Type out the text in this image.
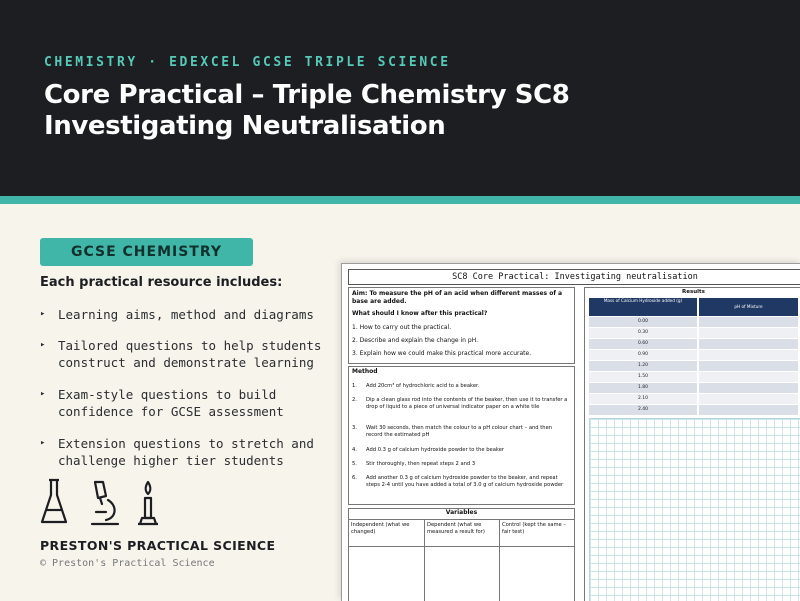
CHEMISTRY · EDEXCEL GCSE TRIPLE SCIENCE
Core Practical – Triple Chemistry SC8
Investigating Neutralisation
GCSE CHEMISTRY
Each practical resource includes:
▸ Learning aims, method and diagrams
▸ Tailored questions to help students construct and demonstrate learning
▸ Exam-style questions to build confidence for GCSE assessment
▸ Extension questions to stretch and challenge higher tier students
PRESTON'S PRACTICAL SCIENCE
© Preston's Practical Science
SC8 Core Practical: Investigating neutralisation
Aim: To measure the pH of an acid when different masses of a base are added.
What should I know after this practical?
1. How to carry out the practical.
2. Describe and explain the change in pH.
3. Explain how we could make this practical more accurate.
Method
1. Add 20cm³ of hydrochloric acid to a beaker.
2. Dip a clean glass rod into the contents of the beaker, then use it to transfer a drop of liquid to a piece of universal indicator paper on a white tile
3. Wait 30 seconds, then match the colour to a pH colour chart – and then record the estimated pH
4. Add 0.3 g of calcium hydroxide powder to the beaker
5. Stir thoroughly, then repeat steps 2 and 3
6. Add another 0.3 g of calcium hydroxide powder to the beaker, and repeat steps 2-4 until you have added a total of 3.0 g of calcium hydroxide powder
Variables
Independent (what we changed)
Dependent (what we measured a result for)
Control (kept the same – fair test)
Results
Mass of Calcium Hydroxide added (g)
pH of Mixture
0.00
0.30
0.60
0.90
1.20
1.50
1.80
2.10
2.40
